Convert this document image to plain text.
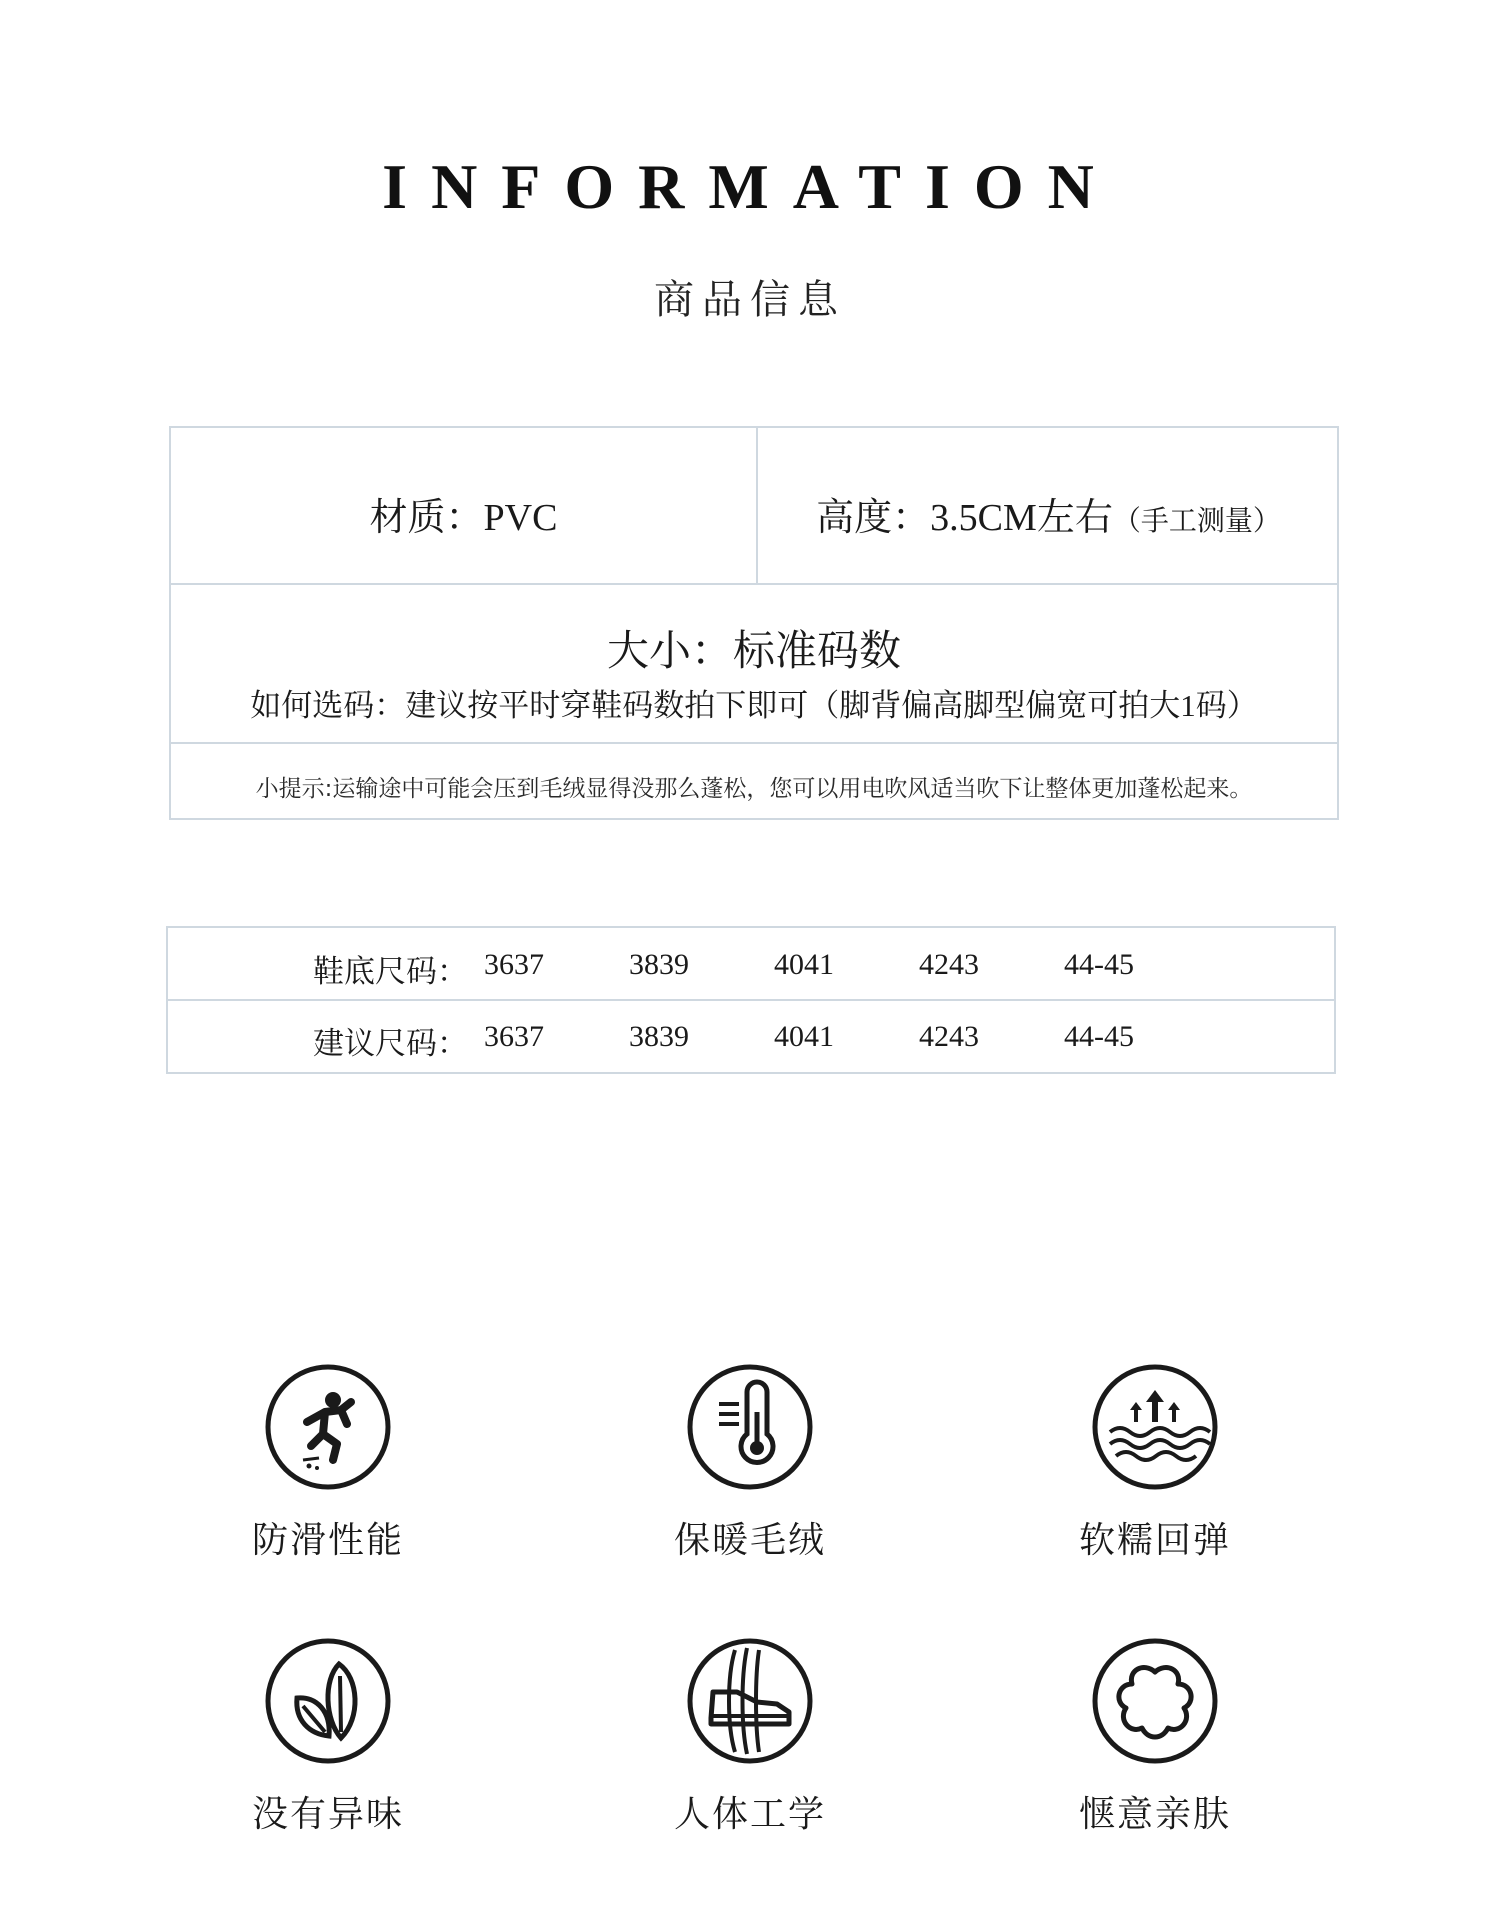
INFORMATION
商品信息
材质：PVC	高度：3.5CM左右（手工测量）
大小：标准码数
如何选码：建议按平时穿鞋码数拍下即可（脚背偏高脚型偏宽可拍大1码）
小提示:运输途中可能会压到毛绒显得没那么蓬松，您可以用电吹风适当吹下让整体更加蓬松起来。
鞋底尺码： 3637	3839	4041	4243	44-45
建议尺码： 3637	3839	4041	4243	44-45
防滑性能	保暖毛绒	软糯回弹
没有异味	人体工学	惬意亲肤
